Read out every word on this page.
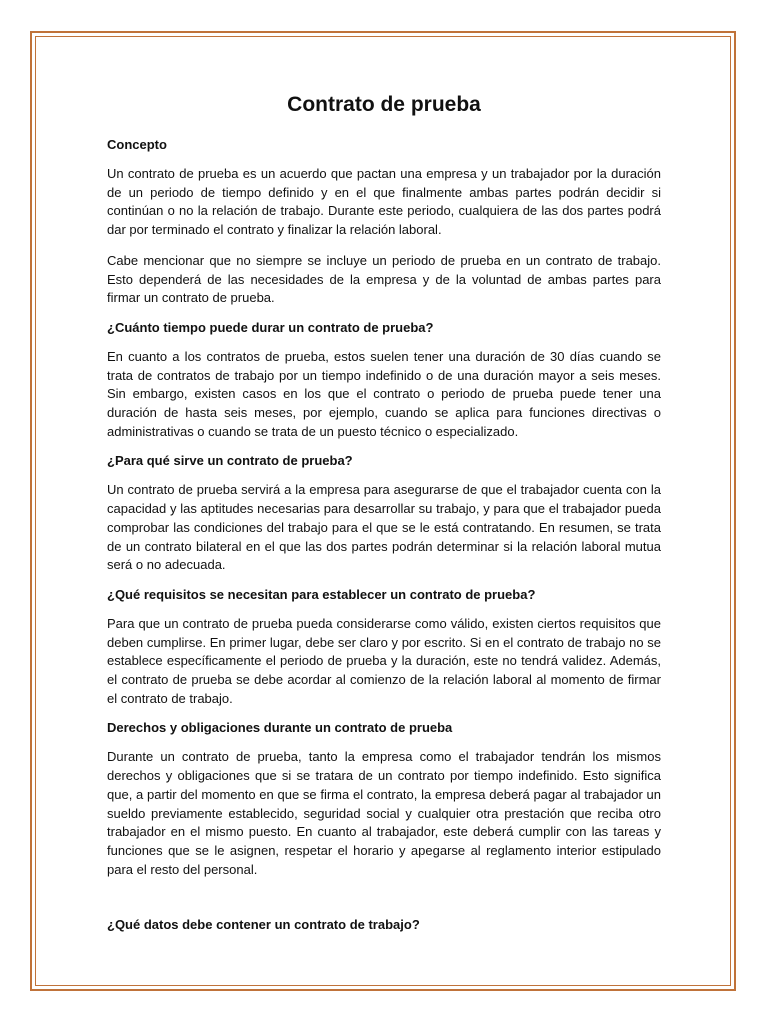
Contrato de prueba

Concepto

Un contrato de prueba es un acuerdo que pactan una empresa y un trabajador por la duración de un periodo de tiempo definido y en el que finalmente ambas partes podrán decidir si continúan o no la relación de trabajo. Durante este periodo, cualquiera de las dos partes podrá dar por terminado el contrato y finalizar la relación laboral.

Cabe mencionar que no siempre se incluye un periodo de prueba en un contrato de trabajo. Esto dependerá de las necesidades de la empresa y de la voluntad de ambas partes para firmar un contrato de prueba.

¿Cuánto tiempo puede durar un contrato de prueba?

En cuanto a los contratos de prueba, estos suelen tener una duración de 30 días cuando se trata de contratos de trabajo por un tiempo indefinido o de una duración mayor a seis meses. Sin embargo, existen casos en los que el contrato o periodo de prueba puede tener una duración de hasta seis meses, por ejemplo, cuando se aplica para funciones directivas o administrativas o cuando se trata de un puesto técnico o especializado.

¿Para qué sirve un contrato de prueba?

Un contrato de prueba servirá a la empresa para asegurarse de que el trabajador cuenta con la capacidad y las aptitudes necesarias para desarrollar su trabajo, y para que el trabajador pueda comprobar las condiciones del trabajo para el que se le está contratando. En resumen, se trata de un contrato bilateral en el que las dos partes podrán determinar si la relación laboral mutua será o no adecuada.

¿Qué requisitos se necesitan para establecer un contrato de prueba?

Para que un contrato de prueba pueda considerarse como válido, existen ciertos requisitos que deben cumplirse. En primer lugar, debe ser claro y por escrito. Si en el contrato de trabajo no se establece específicamente el periodo de prueba y la duración, este no tendrá validez. Además, el contrato de prueba se debe acordar al comienzo de la relación laboral al momento de firmar el contrato de trabajo.

Derechos y obligaciones durante un contrato de prueba

Durante un contrato de prueba, tanto la empresa como el trabajador tendrán los mismos derechos y obligaciones que si se tratara de un contrato por tiempo indefinido. Esto significa que, a partir del momento en que se firma el contrato, la empresa deberá pagar al trabajador un sueldo previamente establecido, seguridad social y cualquier otra prestación que reciba otro trabajador en el mismo puesto. En cuanto al trabajador, este deberá cumplir con las tareas y funciones que se le asignen, respetar el horario y apegarse al reglamento interior estipulado para el resto del personal.

¿Qué datos debe contener un contrato de trabajo?
